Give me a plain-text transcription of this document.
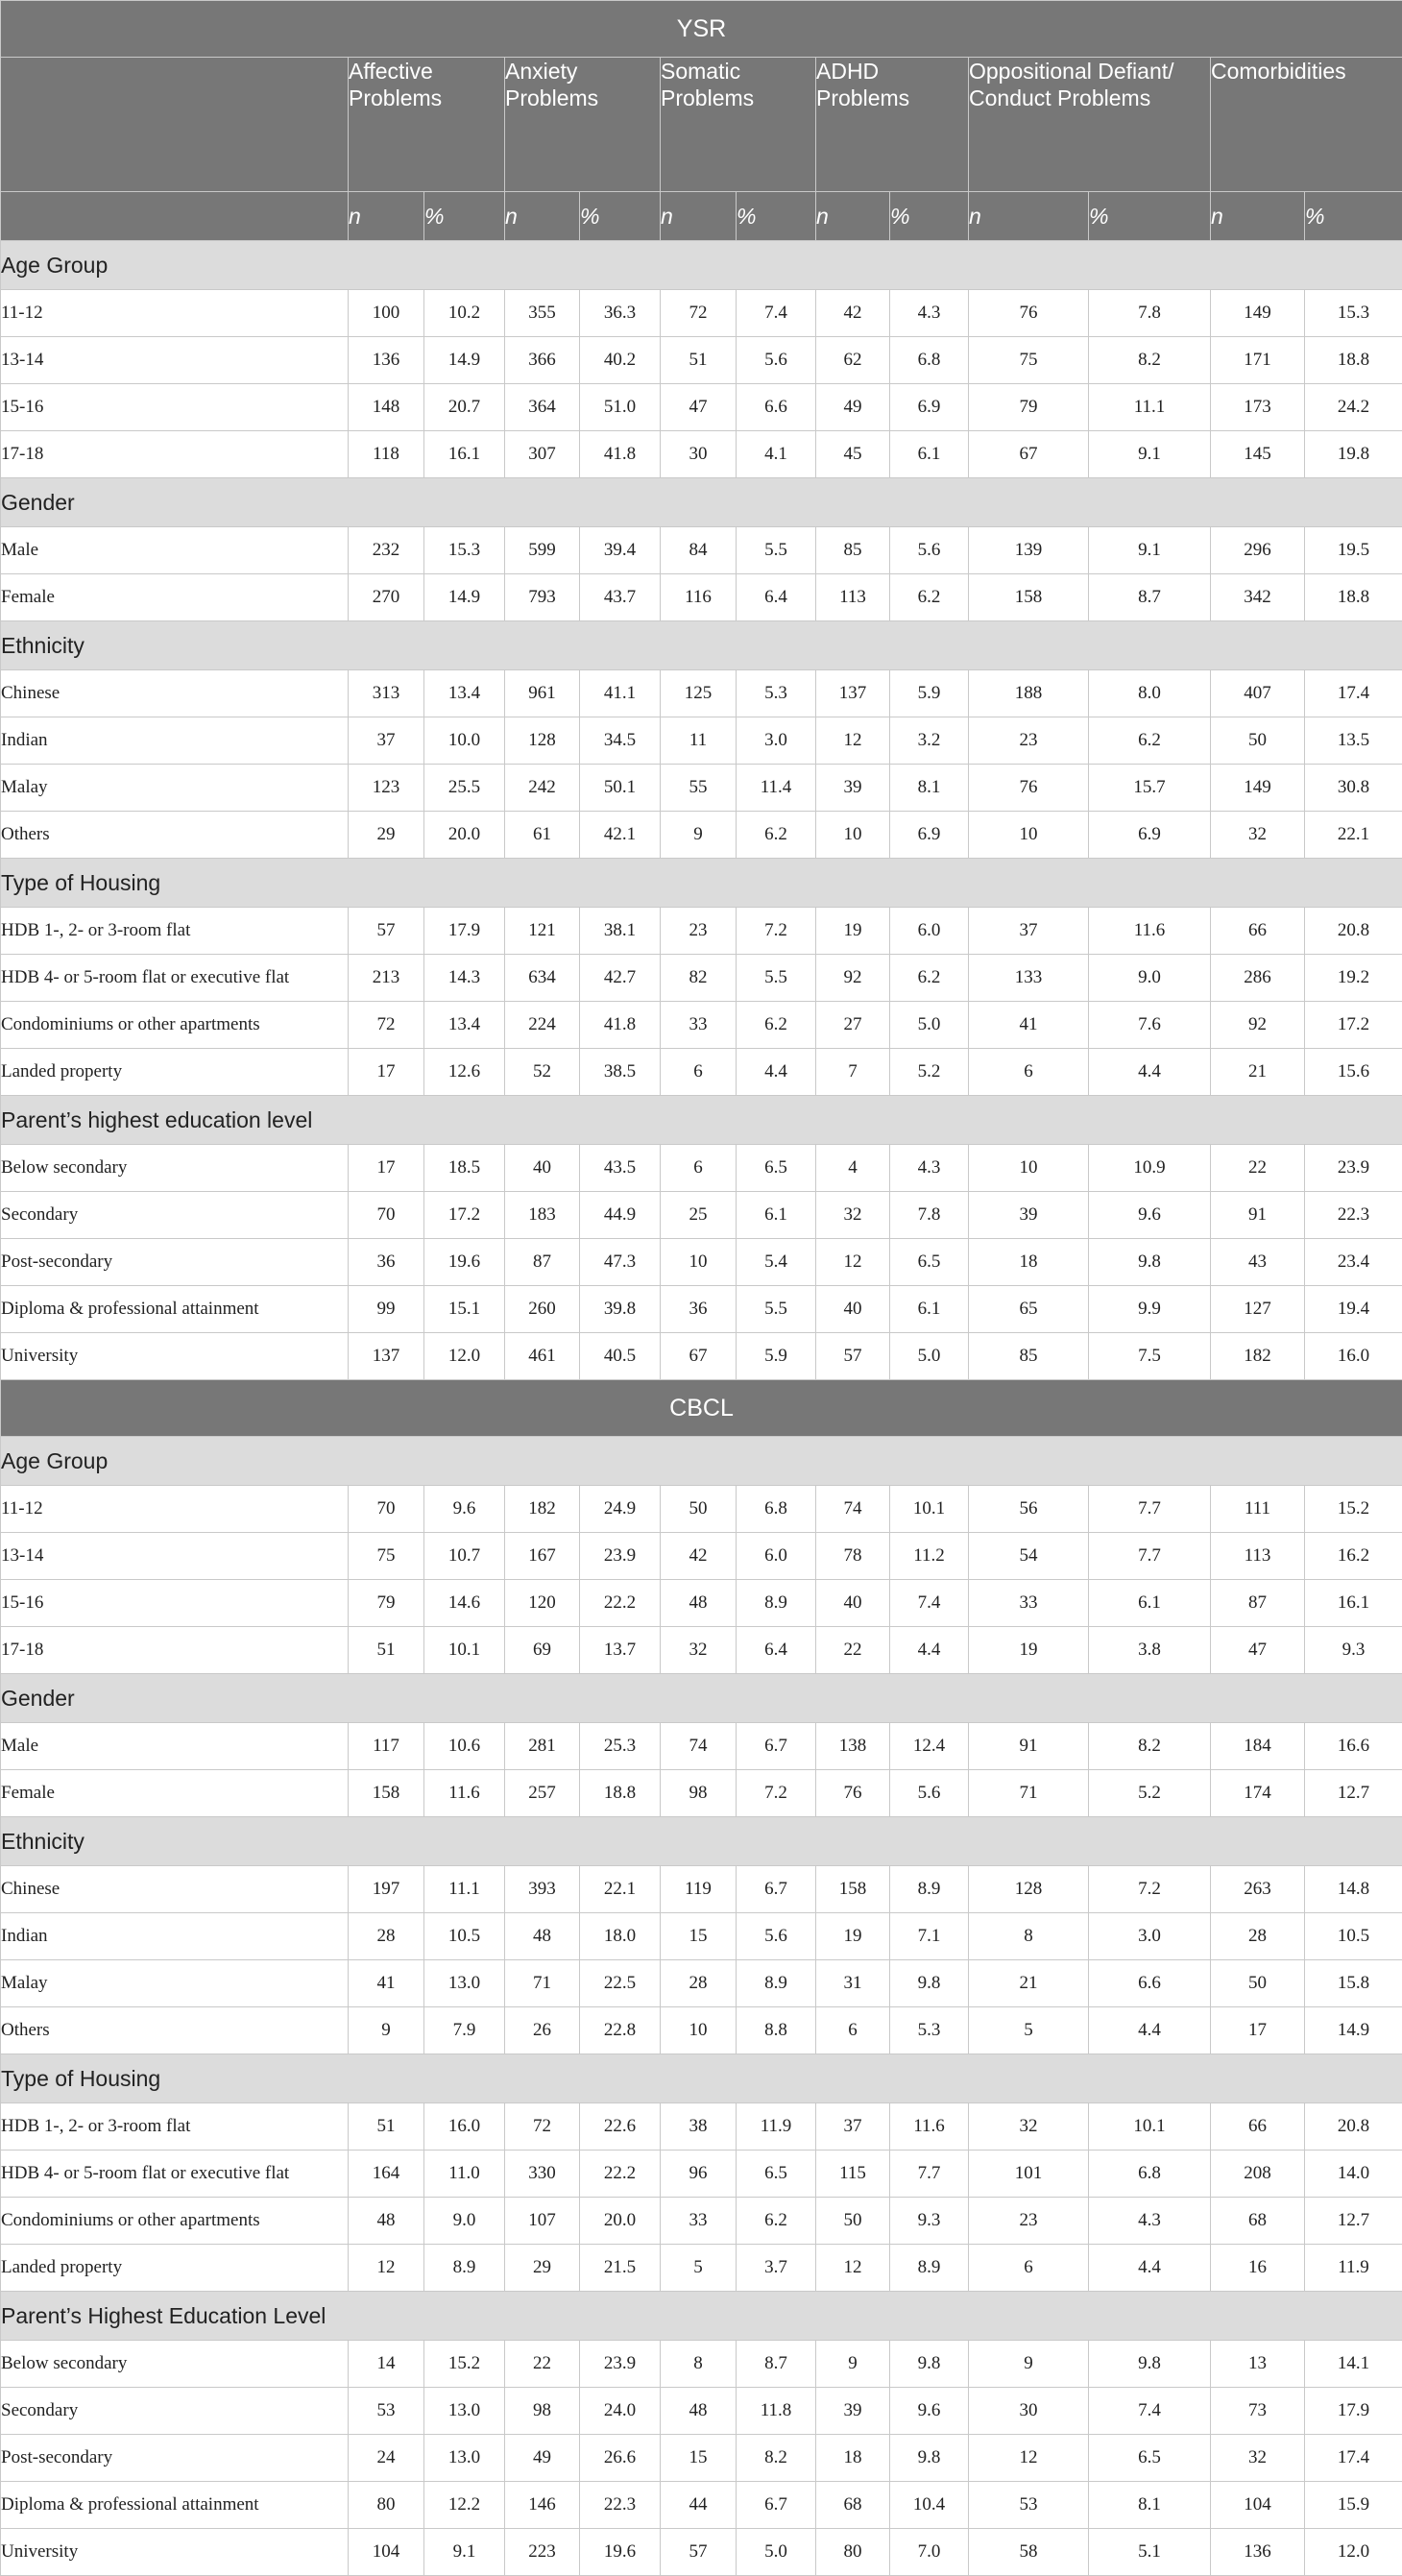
YSR												
	Affective Problems		Anxiety Problems		Somatic Problems		ADHD Problems		Oppositional Defiant/ Conduct Problems		Comorbidities	
	n	%	n	%	n	%	n	%	n	%	n	%
Age Group												
11-12	100	10.2	355	36.3	72	7.4	42	4.3	76	7.8	149	15.3
13-14	136	14.9	366	40.2	51	5.6	62	6.8	75	8.2	171	18.8
15-16	148	20.7	364	51.0	47	6.6	49	6.9	79	11.1	173	24.2
17-18	118	16.1	307	41.8	30	4.1	45	6.1	67	9.1	145	19.8
Gender												
Male	232	15.3	599	39.4	84	5.5	85	5.6	139	9.1	296	19.5
Female	270	14.9	793	43.7	116	6.4	113	6.2	158	8.7	342	18.8
Ethnicity												
Chinese	313	13.4	961	41.1	125	5.3	137	5.9	188	8.0	407	17.4
Indian	37	10.0	128	34.5	11	3.0	12	3.2	23	6.2	50	13.5
Malay	123	25.5	242	50.1	55	11.4	39	8.1	76	15.7	149	30.8
Others	29	20.0	61	42.1	9	6.2	10	6.9	10	6.9	32	22.1
Type of Housing												
HDB 1-, 2- or 3-room flat	57	17.9	121	38.1	23	7.2	19	6.0	37	11.6	66	20.8
HDB 4- or 5-room flat or executive flat	213	14.3	634	42.7	82	5.5	92	6.2	133	9.0	286	19.2
Condominiums or other apartments	72	13.4	224	41.8	33	6.2	27	5.0	41	7.6	92	17.2
Landed property	17	12.6	52	38.5	6	4.4	7	5.2	6	4.4	21	15.6
Parent’s highest education level												
Below secondary	17	18.5	40	43.5	6	6.5	4	4.3	10	10.9	22	23.9
Secondary	70	17.2	183	44.9	25	6.1	32	7.8	39	9.6	91	22.3
Post-secondary	36	19.6	87	47.3	10	5.4	12	6.5	18	9.8	43	23.4
Diploma & professional attainment	99	15.1	260	39.8	36	5.5	40	6.1	65	9.9	127	19.4
University	137	12.0	461	40.5	67	5.9	57	5.0	85	7.5	182	16.0
CBCL												
Age Group												
11-12	70	9.6	182	24.9	50	6.8	74	10.1	56	7.7	111	15.2
13-14	75	10.7	167	23.9	42	6.0	78	11.2	54	7.7	113	16.2
15-16	79	14.6	120	22.2	48	8.9	40	7.4	33	6.1	87	16.1
17-18	51	10.1	69	13.7	32	6.4	22	4.4	19	3.8	47	9.3
Gender												
Male	117	10.6	281	25.3	74	6.7	138	12.4	91	8.2	184	16.6
Female	158	11.6	257	18.8	98	7.2	76	5.6	71	5.2	174	12.7
Ethnicity												
Chinese	197	11.1	393	22.1	119	6.7	158	8.9	128	7.2	263	14.8
Indian	28	10.5	48	18.0	15	5.6	19	7.1	8	3.0	28	10.5
Malay	41	13.0	71	22.5	28	8.9	31	9.8	21	6.6	50	15.8
Others	9	7.9	26	22.8	10	8.8	6	5.3	5	4.4	17	14.9
Type of Housing												
HDB 1-, 2- or 3-room flat	51	16.0	72	22.6	38	11.9	37	11.6	32	10.1	66	20.8
HDB 4- or 5-room flat or executive flat	164	11.0	330	22.2	96	6.5	115	7.7	101	6.8	208	14.0
Condominiums or other apartments	48	9.0	107	20.0	33	6.2	50	9.3	23	4.3	68	12.7
Landed property	12	8.9	29	21.5	5	3.7	12	8.9	6	4.4	16	11.9
Parent’s Highest Education Level												
Below secondary	14	15.2	22	23.9	8	8.7	9	9.8	9	9.8	13	14.1
Secondary	53	13.0	98	24.0	48	11.8	39	9.6	30	7.4	73	17.9
Post-secondary	24	13.0	49	26.6	15	8.2	18	9.8	12	6.5	32	17.4
Diploma & professional attainment	80	12.2	146	22.3	44	6.7	68	10.4	53	8.1	104	15.9
University	104	9.1	223	19.6	57	5.0	80	7.0	58	5.1	136	12.0
